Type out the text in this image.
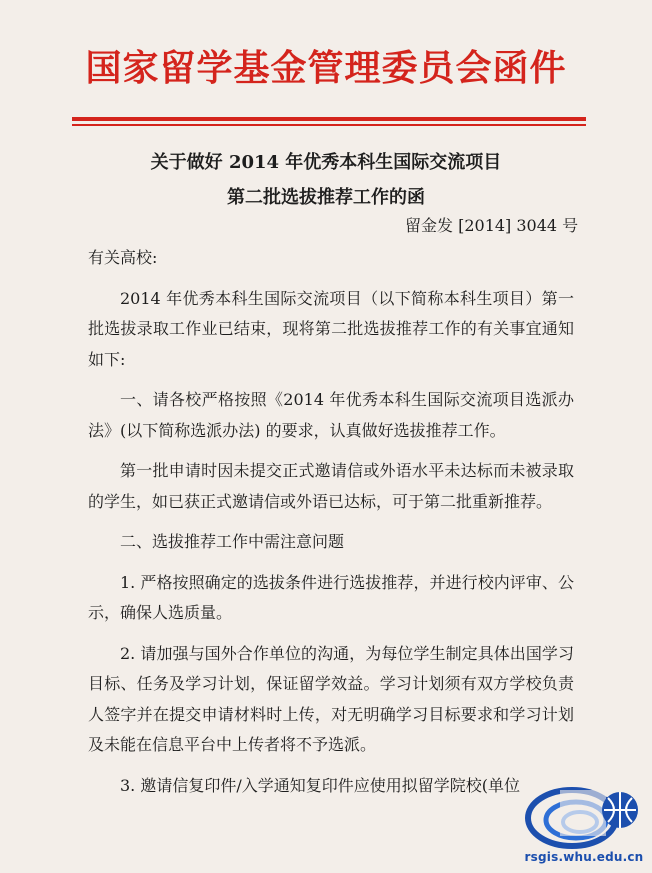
国家留学基金管理委员会函件
关于做好 2014 年优秀本科生国际交流项目
第二批选拔推荐工作的函
留金发 [2014] 3044 号

有关高校:

2014 年优秀本科生国际交流项目（以下简称本科生项目）第一批选拔录取工作业已结束，现将第二批选拔推荐工作的有关事宜通知如下:

一、请各校严格按照《2014 年优秀本科生国际交流项目选派办法》(以下简称选派办法) 的要求，认真做好选拔推荐工作。

第一批申请时因未提交正式邀请信或外语水平未达标而未被录取的学生，如已获正式邀请信或外语已达标，可于第二批重新推荐。

二、选拔推荐工作中需注意问题

1. 严格按照确定的选拔条件进行选拔推荐，并进行校内评审、公示，确保人选质量。

2. 请加强与国外合作单位的沟通，为每位学生制定具体出国学习目标、任务及学习计划，保证留学效益。学习计划须有双方学校负责人签字并在提交申请材料时上传，对无明确学习目标要求和学习计划及未能在信息平台中上传者将不予选派。

3. 邀请信复印件/入学通知复印件应使用拟留学院校(单位

rsgis.whu.edu.cn
